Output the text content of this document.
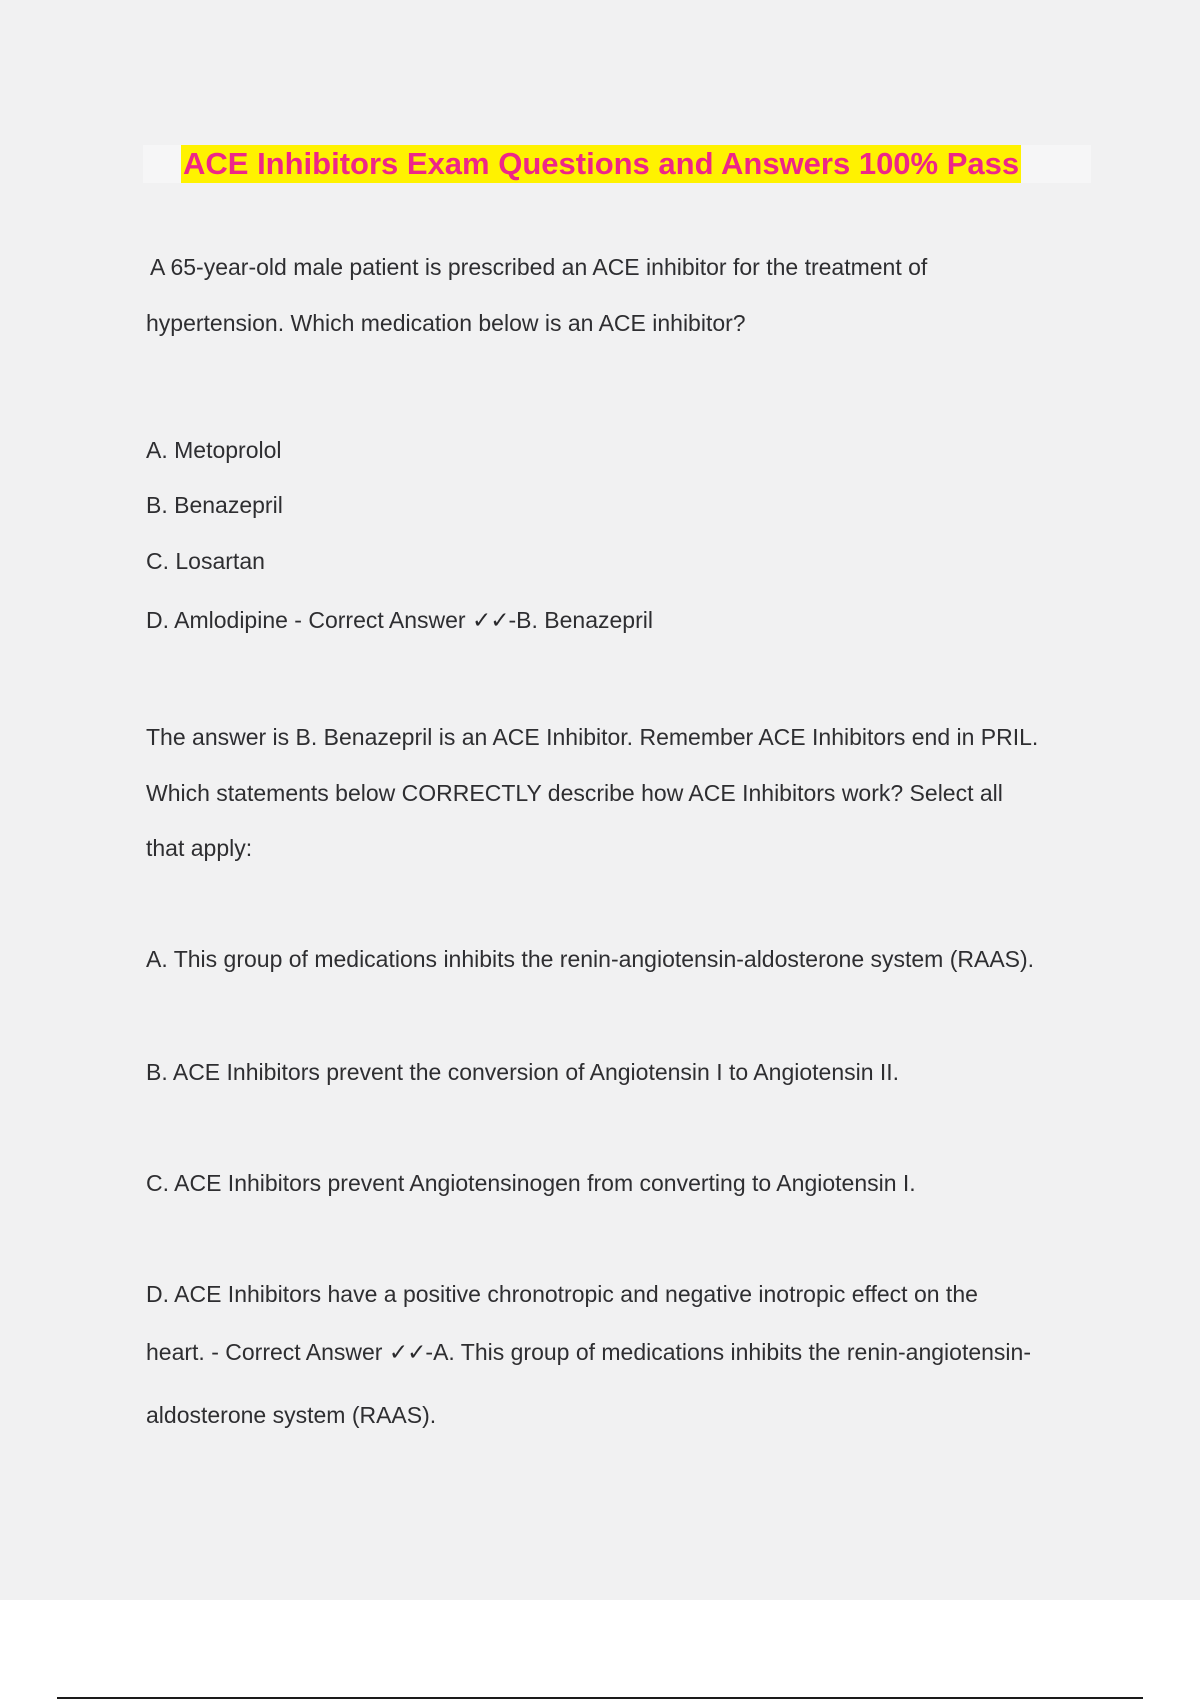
ACE Inhibitors Exam Questions and Answers 100% Pass
A 65-year-old male patient is prescribed an ACE inhibitor for the treatment of
hypertension. Which medication below is an ACE inhibitor?
A. Metoprolol
B. Benazepril
C. Losartan
D. Amlodipine - Correct Answer ✓✓-B. Benazepril
The answer is B. Benazepril is an ACE Inhibitor. Remember ACE Inhibitors end in PRIL.
Which statements below CORRECTLY describe how ACE Inhibitors work? Select all
that apply:
A. This group of medications inhibits the renin-angiotensin-aldosterone system (RAAS).
B. ACE Inhibitors prevent the conversion of Angiotensin I to Angiotensin II.
C. ACE Inhibitors prevent Angiotensinogen from converting to Angiotensin I.
D. ACE Inhibitors have a positive chronotropic and negative inotropic effect on the
heart. - Correct Answer ✓✓-A. This group of medications inhibits the renin-angiotensin-
aldosterone system (RAAS).
